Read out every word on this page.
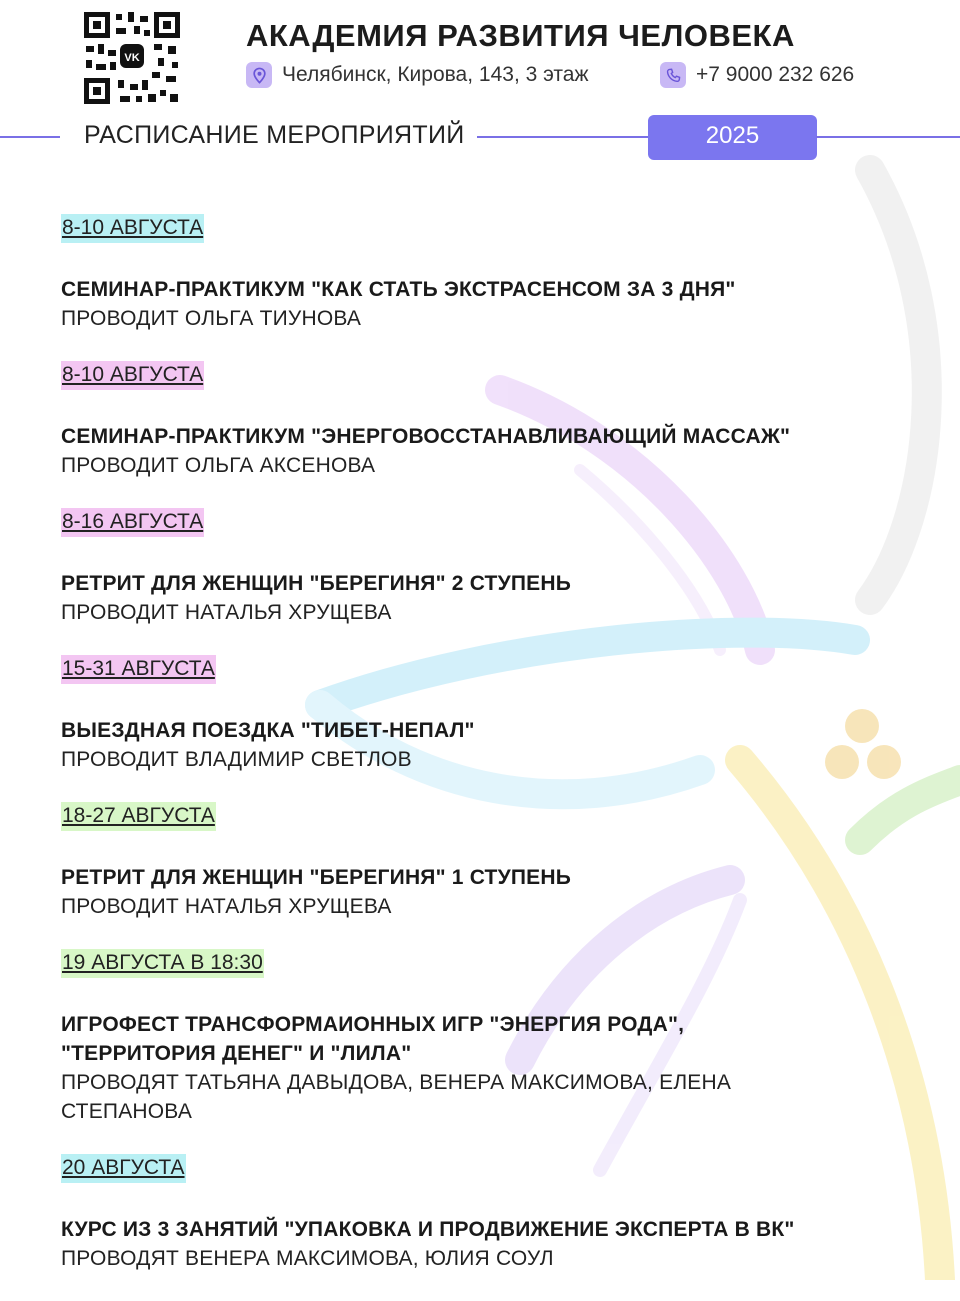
VK
АКАДЕМИЯ РАЗВИТИЯ ЧЕЛОВЕКА
Челябинск, Кирова, 143, 3 этаж	+7 9000 232 626
РАСПИСАНИЕ МЕРОПРИЯТИЙ	2025
8-10 АВГУСТА
СЕМИНАР-ПРАКТИКУМ "КАК СТАТЬ ЭКСТРАСЕНСОМ ЗА 3 ДНЯ"
ПРОВОДИТ ОЛЬГА ТИУНОВА
8-10 АВГУСТА
СЕМИНАР-ПРАКТИКУМ "ЭНЕРГОВОССТАНАВЛИВАЮЩИЙ МАССАЖ"
ПРОВОДИТ ОЛЬГА АКСЕНОВА
8-16 АВГУСТА
РЕТРИТ ДЛЯ ЖЕНЩИН "БЕРЕГИНЯ" 2 СТУПЕНЬ
ПРОВОДИТ НАТАЛЬЯ ХРУЩЕВА
15-31 АВГУСТА
ВЫЕЗДНАЯ ПОЕЗДКА "ТИБЕТ-НЕПАЛ"
ПРОВОДИТ ВЛАДИМИР СВЕТЛОВ
18-27 АВГУСТА
РЕТРИТ ДЛЯ ЖЕНЩИН "БЕРЕГИНЯ" 1 СТУПЕНЬ
ПРОВОДИТ НАТАЛЬЯ ХРУЩЕВА
19 АВГУСТА В 18:30
ИГРОФЕСТ ТРАНСФОРМАИОННЫХ ИГР "ЭНЕРГИЯ РОДА", "ТЕРРИТОРИЯ ДЕНЕГ" И "ЛИЛА"
ПРОВОДЯТ ТАТЬЯНА ДАВЫДОВА, ВЕНЕРА МАКСИМОВА, ЕЛЕНА СТЕПАНОВА
20 АВГУСТА
КУРС ИЗ 3 ЗАНЯТИЙ "УПАКОВКА И ПРОДВИЖЕНИЕ ЭКСПЕРТА В ВК"
ПРОВОДЯТ ВЕНЕРА МАКСИМОВА, ЮЛИЯ СОУЛ
